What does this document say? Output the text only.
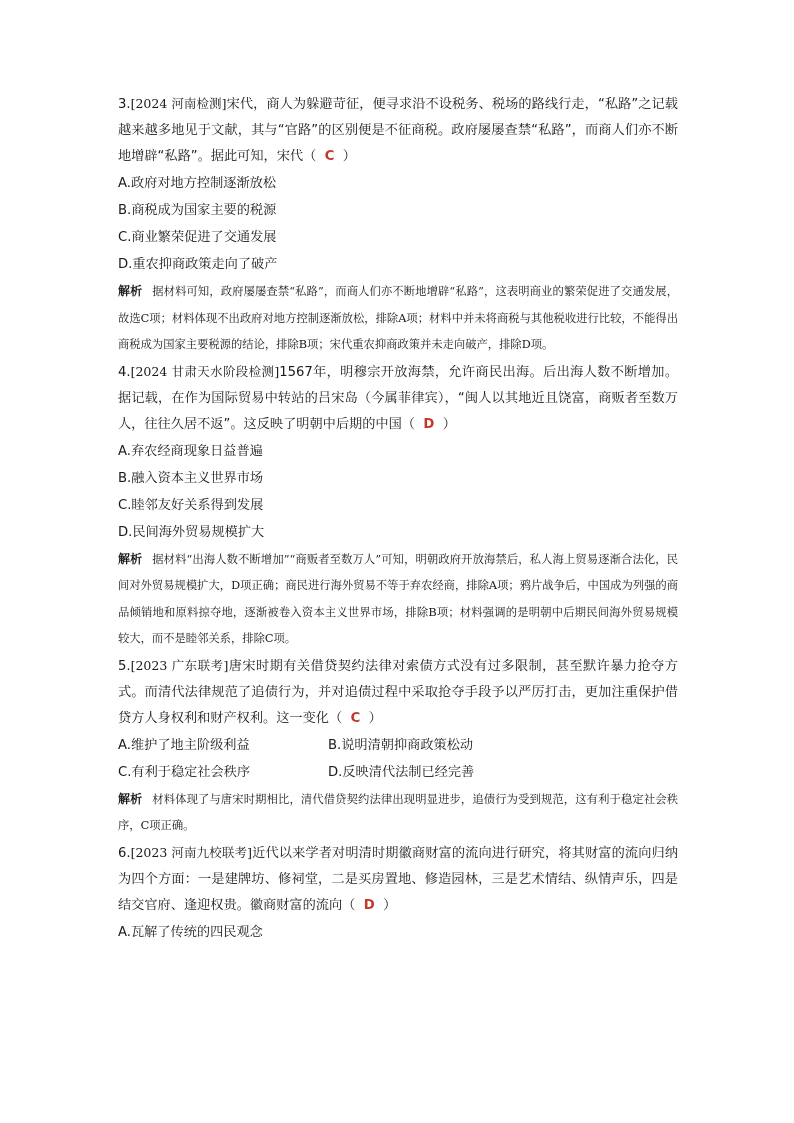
3.[2024 河南检测]宋代，商人为躲避苛征，便寻求沿不设税务、税场的路线行走，“私路”之记载越来越多地见于文献，其与“官路”的区别便是不征商税。政府屡屡查禁“私路”，而商人们亦不断地增辟“私路”。据此可知，宋代（ C ）

A.政府对地方控制逐渐放松

B.商税成为国家主要的税源

C.商业繁荣促进了交通发展

D.重农抑商政策走向了破产

解析 据材料可知，政府屡屡查禁“私路”，而商人们亦不断地增辟“私路”，这表明商业的繁荣促进了交通发展，故选C项；材料体现不出政府对地方控制逐渐放松，排除A项；材料中并未将商税与其他税收进行比较，不能得出商税成为国家主要税源的结论，排除B项；宋代重农抑商政策并未走向破产，排除D项。

4.[2024 甘肃天水阶段检测]1567年，明穆宗开放海禁，允许商民出海。后出海人数不断增加。据记载，在作为国际贸易中转站的吕宋岛（今属菲律宾），“闽人以其地近且饶富，商贩者至数万人，往往久居不返”。这反映了明朝中后期的中国（ D ）

A.弃农经商现象日益普遍

B.融入资本主义世界市场

C.睦邻友好关系得到发展

D.民间海外贸易规模扩大

解析 据材料“出海人数不断增加”“商贩者至数万人”可知，明朝政府开放海禁后，私人海上贸易逐渐合法化，民间对外贸易规模扩大，D项正确；商民进行海外贸易不等于弃农经商，排除A项；鸦片战争后，中国成为列强的商品倾销地和原料掠夺地，逐渐被卷入资本主义世界市场，排除B项；材料强调的是明朝中后期民间海外贸易规模较大，而不是睦邻关系，排除C项。

5.[2023 广东联考]唐宋时期有关借贷契约法律对索债方式没有过多限制，甚至默许暴力抢夺方式。而清代法律规范了追债行为，并对追债过程中采取抢夺手段予以严厉打击，更加注重保护借贷方人身权利和财产权利。这一变化（ C ）

A.维护了地主阶级利益	B.说明清朝抑商政策松动
C.有利于稳定社会秩序	D.反映清代法制已经完善

解析 材料体现了与唐宋时期相比，清代借贷契约法律出现明显进步，追债行为受到规范，这有利于稳定社会秩序，C项正确。

6.[2023 河南九校联考]近代以来学者对明清时期徽商财富的流向进行研究，将其财富的流向归纳为四个方面：一是建牌坊、修祠堂，二是买房置地、修造园林，三是艺术情结、纵情声乐，四是结交官府、逢迎权贵。徽商财富的流向（ D ）

A.瓦解了传统的四民观念
